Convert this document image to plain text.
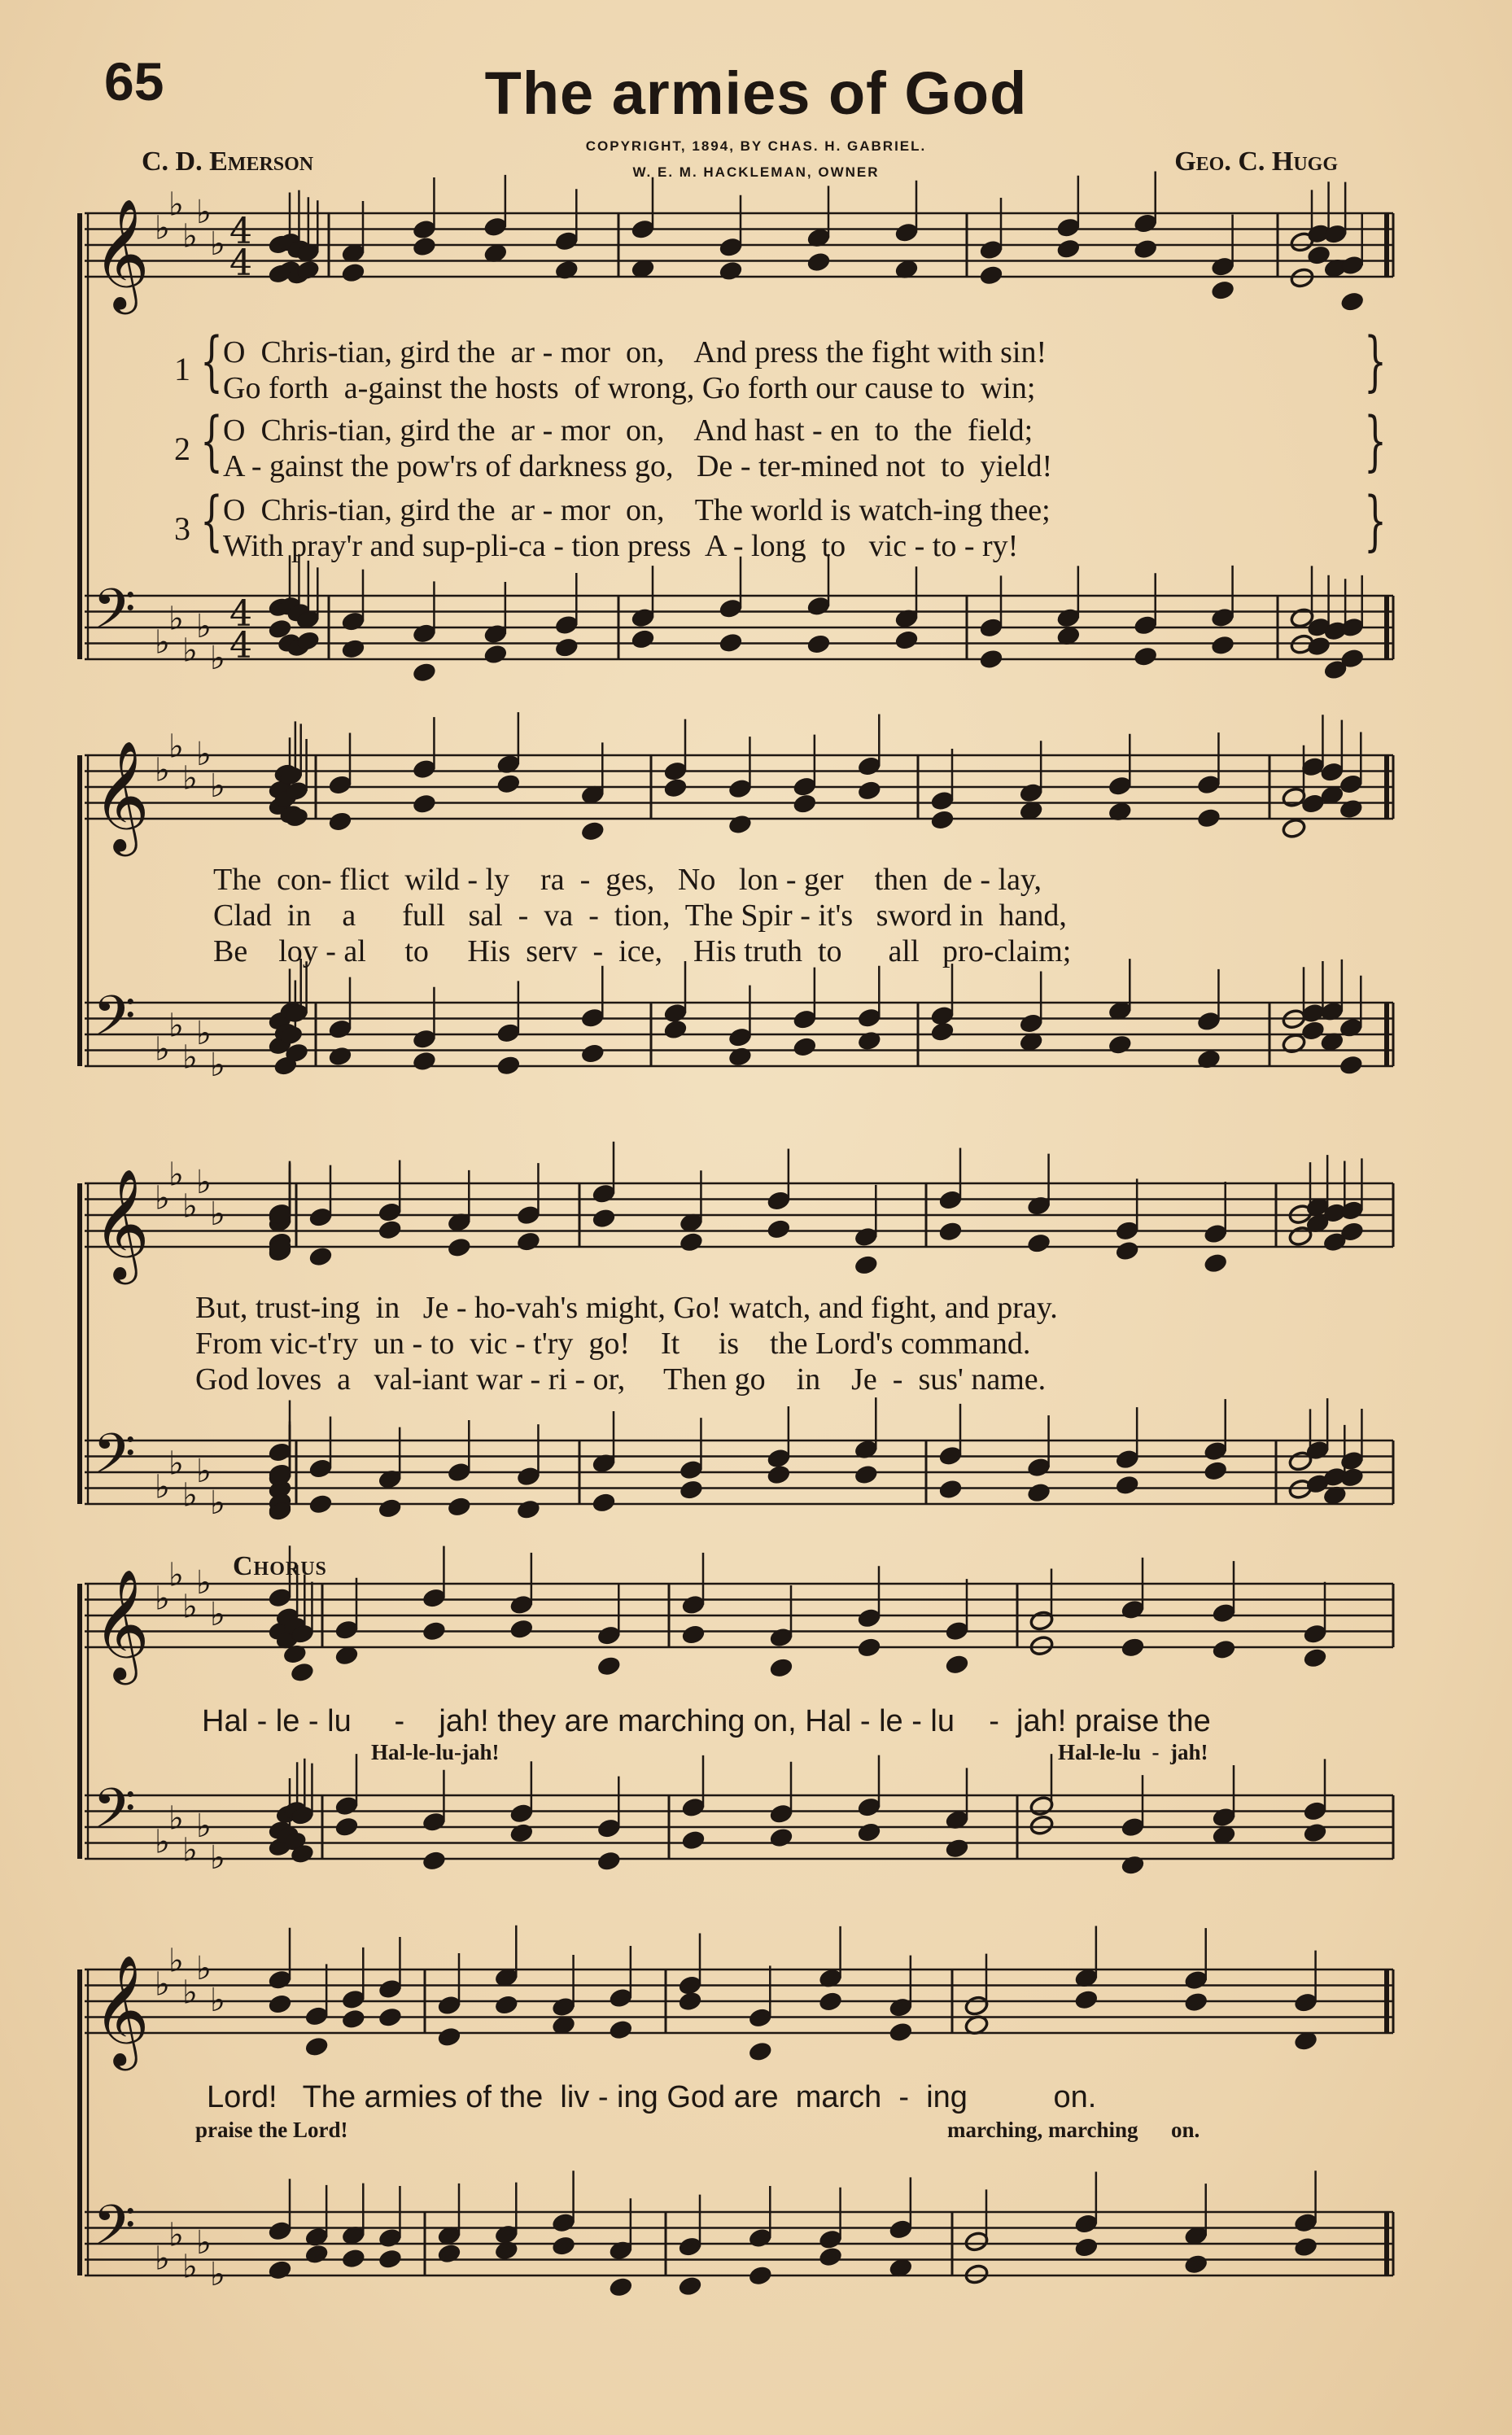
65	The armies of God
C. D. Emerson	Geo. C. Hugg
COPYRIGHT, 1894, BY CHAS. H. GABRIEL.
W. E. M. HACKLEMAN, OWNER
𝄞
𝄢
♭
♭
♭
♭
♭
♭
♭
♭
♭
♭
4
4
4
4
𝄞
𝄢
♭
♭
♭
♭
♭
♭
♭
♭
♭
♭
𝄞
𝄢
♭
♭
♭
♭
♭
♭
♭
♭
♭
♭
𝄞
𝄢
♭
♭
♭
♭
♭
♭
♭
♭
♭
♭
𝄞
𝄢
♭
♭
♭
♭
♭
♭
♭
♭
♭
♭
1 { O  Chris-tian, gird the  ar - mor  on,    And press the fight with sin!
Go forth  a-gainst the hosts  of wrong, Go forth our cause to  win;	}
2 { O  Chris-tian, gird the  ar - mor  on,    And hast - en  to  the  field;
A - gainst the pow'rs of darkness go,   De - ter-mined not  to  yield!	}
3 { O  Chris-tian, gird the  ar - mor  on,    The world is watch-ing thee;
With pray'r and sup-pli-ca - tion press  A - long  to   vic - to - ry!	}
The  con- flict  wild - ly    ra  -  ges,   No   lon - ger    then  de - lay,
Clad  in    a      full   sal  -  va  -  tion,  The Spir - it's   sword in  hand,
Be    loy - al     to     His  serv  -  ice,    His truth  to      all   pro-claim;
But, trust-ing  in   Je - ho-vah's might, Go! watch, and fight, and pray.
From vic-t'ry  un - to  vic - t'ry  go!    It     is    the Lord's command.
God loves  a   val-iant war - ri - or,     Then go    in    Je  -  sus' name.
Chorus
Hal - le - lu     -    jah! they are marching on, Hal - le - lu    -  jah! praise the
Hal-le-lu-jah!	Hal-le-lu  -  jah!
Lord!   The armies of the  liv - ing God are  march  -  ing          on.
praise the Lord!	marching, marching      on.
